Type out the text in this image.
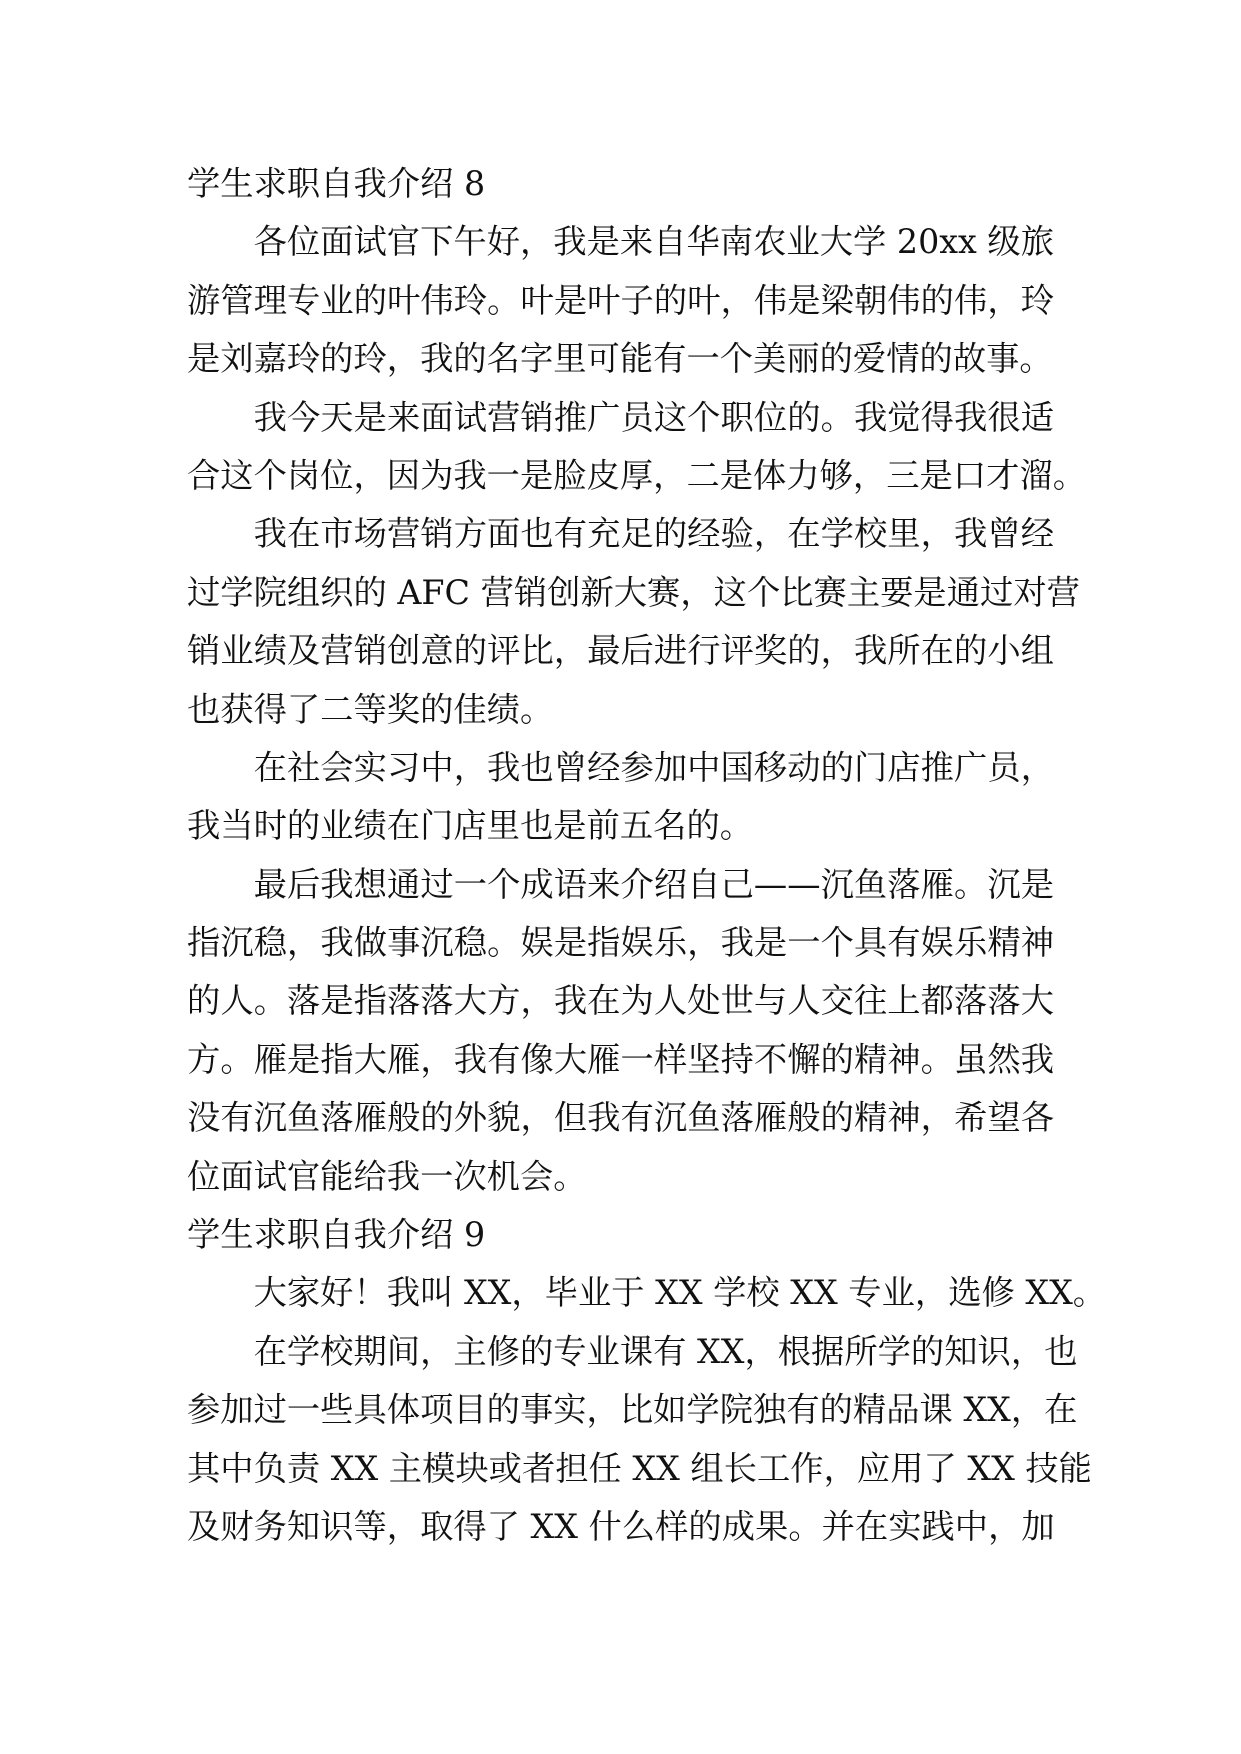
学生求职自我介绍 8
各位面试官下午好，我是来自华南农业大学 20xx 级旅
游管理专业的叶伟玲。叶是叶子的叶，伟是梁朝伟的伟，玲
是刘嘉玲的玲，我的名字里可能有一个美丽的爱情的故事。
我今天是来面试营销推广员这个职位的。我觉得我很适
合这个岗位，因为我一是脸皮厚，二是体力够，三是口才溜。
我在市场营销方面也有充足的经验，在学校里，我曾经
过学院组织的 AFC 营销创新大赛，这个比赛主要是通过对营
销业绩及营销创意的评比，最后进行评奖的，我所在的小组
也获得了二等奖的佳绩。
在社会实习中，我也曾经参加中国移动的门店推广员，
我当时的业绩在门店里也是前五名的。
最后我想通过一个成语来介绍自己——沉鱼落雁。沉是
指沉稳，我做事沉稳。娱是指娱乐，我是一个具有娱乐精神
的人。落是指落落大方，我在为人处世与人交往上都落落大
方。雁是指大雁，我有像大雁一样坚持不懈的精神。虽然我
没有沉鱼落雁般的外貌，但我有沉鱼落雁般的精神，希望各
位面试官能给我一次机会。
学生求职自我介绍 9
大家好！我叫 XX，毕业于 XX 学校 XX 专业，选修 XX。
在学校期间，主修的专业课有 XX，根据所学的知识，也
参加过一些具体项目的事实，比如学院独有的精品课 XX，在
其中负责 XX 主模块或者担任 XX 组长工作，应用了 XX 技能
及财务知识等，取得了 XX 什么样的成果。并在实践中，加
